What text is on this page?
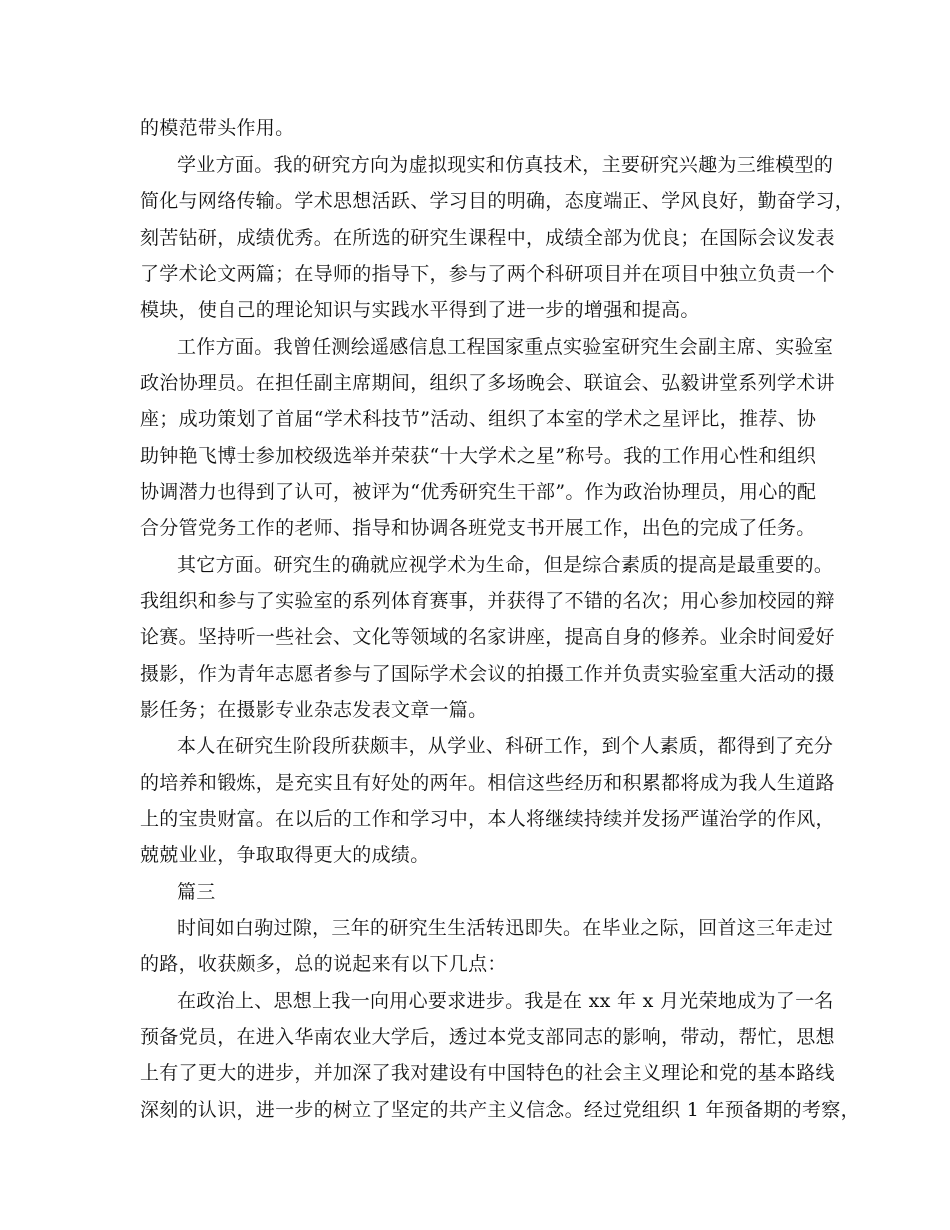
的模范带头作用。
学业方面。我的研究方向为虚拟现实和仿真技术，主要研究兴趣为三维模型的
简化与网络传输。学术思想活跃、学习目的明确，态度端正、学风良好，勤奋学习，
刻苦钻研，成绩优秀。在所选的研究生课程中，成绩全部为优良；在国际会议发表
了学术论文两篇；在导师的指导下，参与了两个科研项目并在项目中独立负责一个
模块，使自己的理论知识与实践水平得到了进一步的增强和提高。
工作方面。我曾任测绘遥感信息工程国家重点实验室研究生会副主席、实验室
政治协理员。在担任副主席期间，组织了多场晚会、联谊会、弘毅讲堂系列学术讲
座；成功策划了首届“学术科技节”活动、组织了本室的学术之星评比，推荐、协
助钟艳飞博士参加校级选举并荣获“十大学术之星”称号。我的工作用心性和组织
协调潜力也得到了认可，被评为“优秀研究生干部”。作为政治协理员，用心的配
合分管党务工作的老师、指导和协调各班党支书开展工作，出色的完成了任务。
其它方面。研究生的确就应视学术为生命，但是综合素质的提高是最重要的。
我组织和参与了实验室的系列体育赛事，并获得了不错的名次；用心参加校园的辩
论赛。坚持听一些社会、文化等领域的名家讲座，提高自身的修养。业余时间爱好
摄影，作为青年志愿者参与了国际学术会议的拍摄工作并负责实验室重大活动的摄
影任务；在摄影专业杂志发表文章一篇。
本人在研究生阶段所获颇丰，从学业、科研工作，到个人素质，都得到了充分
的培养和锻炼，是充实且有好处的两年。相信这些经历和积累都将成为我人生道路
上的宝贵财富。在以后的工作和学习中，本人将继续持续并发扬严谨治学的作风，
兢兢业业，争取取得更大的成绩。
篇三
时间如白驹过隙，三年的研究生生活转迅即失。在毕业之际，回首这三年走过
的路，收获颇多，总的说起来有以下几点：
在政治上、思想上我一向用心要求进步。我是在 xx 年 x 月光荣地成为了一名
预备党员，在进入华南农业大学后，透过本党支部同志的影响，带动，帮忙，思想
上有了更大的进步，并加深了我对建设有中国特色的社会主义理论和党的基本路线
深刻的认识，进一步的树立了坚定的共产主义信念。经过党组织 1 年预备期的考察，
